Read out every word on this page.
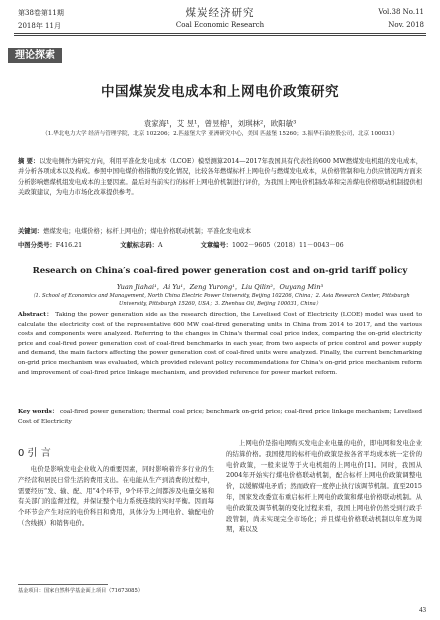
第38卷第11期	煤炭经济研究	Vol.38 No.11
2018年 11月	Coal Economic Research	Nov. 2018
理论探索
中国煤炭发电成本和上网电价政策研究
袁家海¹，艾 昱¹，曾昱榕¹，刘琪林²，欧阳敏³
（1.华北电力大学 经济与管理学院，北京 102206；2.匹兹堡大学 亚洲研究中心，美国 匹兹堡 15260；3.振华石油控股公司，北京 100031）
摘 要：以发电侧作为研究方向，利用平准化发电成本（LCOE）模型测算2014—2017年我国具有代表性的600 MW燃煤发电机组的发电成本，并分析各项成本以及构成。参照中国电煤价格指数的变化情况，比较各年燃煤标杆上网电价与燃煤发电成本，从价格管制和电力供应情况两方面来分析影响燃煤机组发电成本的主要因素。最后对当前实行的标杆上网电价机制进行评价，为我国上网电价机制改革和完善煤电价格联动机制提供相关政策建议，为电力市场化改革提供参考。
关键词：燃煤发电；电煤价格；标杆上网电价；煤电价格联动机制；平准化发电成本
中图分类号：F416.21	文献标志码：A	文章编号：1002－9605（2018）11－0043－06
Research on China′s coal-fired power generation cost and on-grid tariff policy
Yuan Jiahai¹，Ai Yu¹，Zeng Yurong¹，Liu Qilin²，Ouyang Min³
（1. School of Economics and Management, North China Electric Power University, Beijing 102206, China；2. Asia Research Center, Pittsburgh University, Pittsburgh 15260, USA；3. Zhenhua Oil, Beijing 100031, China）
Abstract： Taking the power generation side as the research direction, the Levelised Cost of Electricity (LCOE) model was used to calculate the electricity cost of the representative 600 MW coal-fired generating units in China from 2014 to 2017, and the various costs and components were analyzed. Referring to the changes in China's thermal coal price index, comparing the on-grid electricity price and coal-fired power generation cost of coal-fired benchmarks in each year, from two aspects of price control and power supply and demand, the main factors affecting the power generation cost of coal-fired units were analyzed. Finally, the current benchmarking on-grid price mechanism was evaluated, which provided relevant policy recommendations for China's on-grid price mechanism reform and improvement of coal-fired price linkage mechanism, and provided reference for power market reform.
Key words： coal-fired power generation; thermal coal price; benchmark on-grid price; coal-fired price linkage mechanism; Levelised Cost of Electricity
0 引 言
电价是影响发电企业收入的重要因素，同时影响着许多行业的生产经营和居民日常生活的费用支出。在电能从生产到消费的过程中，需要经历“发、输、配、用”4个环节，9个环节之间都涉及电量交易和有关部门的监督过程，并保证整个电力系统连续的实时平衡。因而每个环节会产生对应的电价科目和费用，具体分为上网电价、输配电价（含线损）和销售电价。
上网电价是指电网购买发电企业电量的电价，即电网和发电企业的结算价格。我国使用的标杆电价政策是按各省平均成本统一定价的电价政策，一般来说等于火电机组的上网电价[1]。同时，我国从2004年开始实行煤电价格联动机制，配合标杆上网电价政策调整电价，以缓解煤电矛盾；然而政府一度停止执行该调节机制。直至2015年，国家发改委宣布重启标杆上网电价政策和煤电价格联动机制。从电价政策及调节机制的变化过程来看，我国上网电价仍然受到行政手段管制，尚未实现完全市场化；并且煤电价格联动机制以年度为周期，难以及
基金项目：国家自然科学基金面上项目（71673085）
43
